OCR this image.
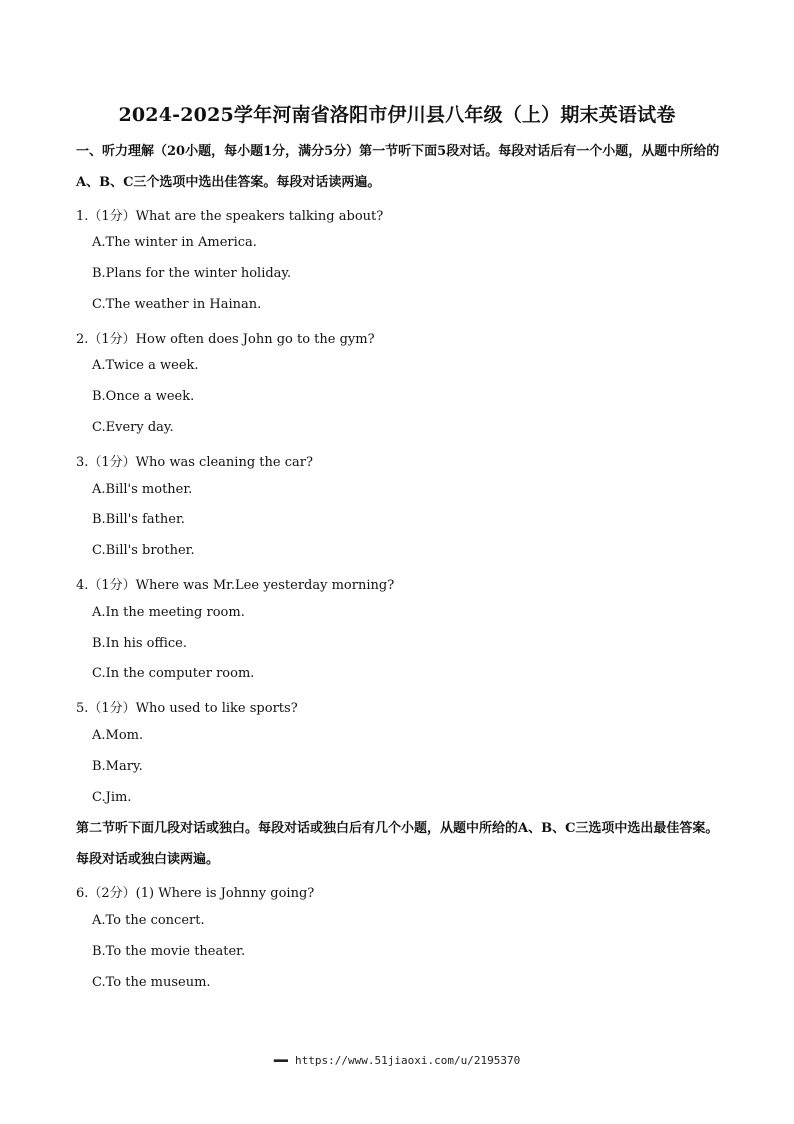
2024-2025学年河南省洛阳市伊川县八年级（上）期末英语试卷
一、听力理解（20小题，每小题1分，满分5分）第一节听下面5段对话。每段对话后有一个小题，从题中所给的A、B、C三个选项中选出佳答案。每段对话读两遍。
1.（1分）What are the speakers talking about?
A.The winter in America.
B.Plans for the winter holiday.
C.The weather in Hainan.
2.（1分）How often does John go to the gym?
A.Twice a week.
B.Once a week.
C.Every day.
3.（1分）Who was cleaning the car?
A.Bill's mother.
B.Bill's father.
C.Bill's brother.
4.（1分）Where was Mr.Lee yesterday morning?
A.In the meeting room.
B.In his office.
C.In the computer room.
5.（1分）Who used to like sports?
A.Mom.
B.Mary.
C.Jim.
第二节听下面几段对话或独白。每段对话或独白后有几个小题，从题中所给的A、B、C三选项中选出最佳答案。每段对话或独白读两遍。
6.（2分）(1) Where is Johnny going?
A.To the concert.
B.To the movie theater.
C.To the museum.
▬▬▬ https://www.51jiaoxi.com/u/2195370
